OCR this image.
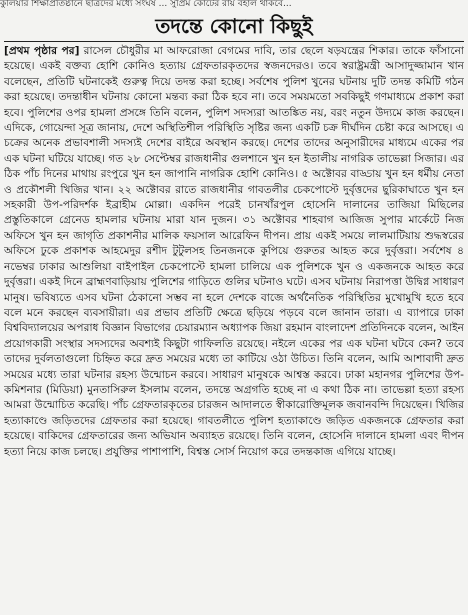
কুলিয়ার শিক্ষাপ্রতিষ্ঠানে ছাত্রদের মধ্যে সংঘর্ষ ... সুপ্রিম কোর্টের রায় বহাল থাকবে...
তদন্তে কোনো কিছুই
[প্রথম পৃষ্ঠার পর] রাসেল চৌধুরীর মা আফরোজা বেগমের দাবি, তার ছেলে ষড়যন্ত্রের শিকার। তাকে ফাঁসানো হয়েছে। একই বক্তব্য হোশি কোনিও হত্যায় গ্রেফতারকৃতদের স্বজনদেরও। তবে স্বরাষ্ট্রমন্ত্রী আসাদুজ্জামান খান বলেছেন, প্রতিটি ঘটনাকেই গুরুত্ব দিয়ে তদন্ত করা হচ্ছে। সর্বশেষ পুলিশ খুনের ঘটনায় দুটি তদন্ত কমিটি গঠন করা হয়েছে। তদন্তাধীন ঘটনায় কোনো মন্তব্য করা ঠিক হবে না। তবে সময়মতো সবকিছুই গণমাধ্যমে প্রকাশ করা হবে। পুলিশের ওপর হামলা প্রসঙ্গে তিনি বলেন, পুলিশ সদস্যরা আতঙ্কিত নয়, বরং নতুন উদ্যমে কাজ করছেন। এদিকে, গোয়েন্দা সূত্র জানায়, দেশে অস্থিতিশীল পরিস্থিতি সৃষ্টির জন্য একটি চক্র দীর্ঘদিন চেষ্টা করে আসছে। এ চক্রের অনেক প্রভাবশালী সদস্যই দেশের বাইরে অবস্থান করছে। দেশের তাদের অনুসারীদের মাধ্যমে একের পর এক ঘটনা ঘটিয়ে যাচ্ছে। গত ২৮ সেপ্টেম্বর রাজধানীর গুলশানে খুন হন ইতালীয় নাগরিক তাভেল্লা সিজার। এর ঠিক পাঁচ দিনের মাথায় রংপুরে খুন হন জাপানি নাগরিক হোশি কোনিও। ৫ অক্টোবর বাড্ডায় খুন হন ধর্মীয় নেতা ও প্রকৌশলী খিজির খান। ২২ অক্টোবর রাতে রাজধানীর গাবতলীর চেকপোস্টে দুর্বৃত্তদের ছুরিকাঘাতে খুন হন সহকারী উপ-পরিদর্শক ইব্রাহীম মোল্লা। একদিন পরেই চানখাঁরপুল হোসেনি দালানের তাজিয়া মিছিলের প্রস্তুতিকালে গ্রেনেড হামলার ঘটনায় মারা যান দুজন। ৩১ অক্টোবর শাহবাগ আজিজ সুপার মার্কেটে নিজ অফিসে খুন হন জাগৃতি প্রকাশনীর মালিক ফয়সাল আরেফিন দীপন। প্রায় একই সময়ে লালমাটিয়ায় শুদ্ধস্বরের অফিসে ঢুকে প্রকাশক আহমেদুর রশীদ টুটুলসহ তিনজনকে কুপিয়ে গুরুতর আহত করে দুর্বৃত্তরা। সর্বশেষ ৪ নভেম্বর ঢাকার আশুলিয়া বাইপাইল চেকপোস্টে হামলা চালিয়ে এক পুলিশকে খুন ও একজনকে আহত করে দুর্বৃত্তরা। একই দিনে ব্রাহ্মণবাড়িয়ায় পুলিশের গাড়িতে গুলির ঘটনাও ঘটে। এসব ঘটনায় নিরাপত্তা উদ্বিগ্ন সাধারণ মানুষ। ভবিষ্যতে এসব ঘটনা ঠেকানো সম্ভব না হলে দেশকে বাজে অর্থনৈতিক পরিস্থিতির মুখোমুখি হতে হবে বলে মনে করছেন ব্যবসায়ীরা। এর প্রভাব প্রতিটি ক্ষেত্রে ছড়িয়ে পড়বে বলে জানান তারা। এ ব্যাপারে ঢাকা বিশ্ববিদ্যালয়ের অপরাধ বিজ্ঞান বিভাগের চেয়ারম্যান অধ্যাপক জিয়া রহমান বাংলাদেশ প্রতিদিনকে বলেন, আইন প্রয়োগকারী সংস্থার সদস্যদের অবশ্যই কিছুটা গাফিলতি রয়েছে। নইলে একের পর এক ঘটনা ঘটবে কেন? তবে তাদের দুর্বলতাগুলো চিহ্নিত করে দ্রুত সময়ের মধ্যে তা কাটিয়ে ওঠা উচিত। তিনি বলেন, আমি আশাবাদী দ্রুত সময়ের মধ্যে তারা ঘটনার রহস্য উন্মোচন করবে। সাধারণ মানুষকে আশ্বস্ত করবে। ঢাকা মহানগর পুলিশের উপ-কমিশনার (মিডিয়া) মুনতাসিরুল ইসলাম বলেন, তদন্তে অগ্রগতি হচ্ছে না এ কথা ঠিক না। তাভেল্লা হত্যা রহস্য আমরা উন্মোচিত করেছি। পাঁচ গ্রেফতারকৃতের চারজন আদালতে স্বীকারোক্তিমূলক জবানবন্দি দিয়েছেন। খিজির হত্যাকাণ্ডে জড়িতদের গ্রেফতার করা হয়েছে। গাবতলীতে পুলিশ হত্যাকাণ্ডে জড়িত একজনকে গ্রেফতার করা হয়েছে। বাকিদের গ্রেফতারের জন্য অভিযান অব্যাহত রয়েছে। তিনি বলেন, হোসেনি দালানে হামলা এবং দীপন হত্যা নিয়ে কাজ চলছে। প্রযুক্তির পাশাপাশি, বিশ্বস্ত সোর্স নিয়োগ করে তদন্তকাজ এগিয়ে যাচ্ছে।
